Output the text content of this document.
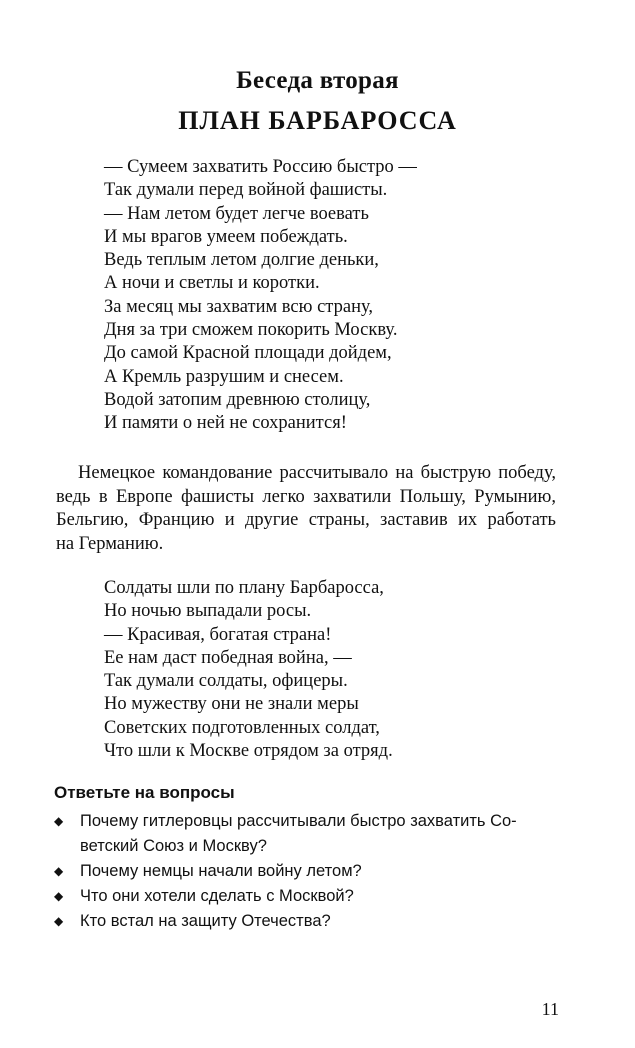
Беседа вторая
ПЛАН БАРБАРОССА
— Сумеем захватить Россию быстро —
Так думали перед войной фашисты.
— Нам летом будет легче воевать
И мы врагов умеем побеждать.
Ведь теплым летом долгие деньки,
А ночи и светлы и коротки.
За месяц мы захватим всю страну,
Дня за три сможем покорить Москву.
До самой Красной площади дойдем,
А Кремль разрушим и снесем.
Водой затопим древнюю столицу,
И памяти о ней не сохранится!
Немецкое командование рассчитывало на быструю победу,
ведь в Европе фашисты легко захватили Польшу, Румынию,
Бельгию, Францию и другие страны, заставив их работать
на Германию.
Солдаты шли по плану Барбаросса,
Но ночью выпадали росы.
— Красивая, богатая страна!
Ее нам даст победная война, —
Так думали солдаты, офицеры.
Но мужеству они не знали меры
Советских подготовленных солдат,
Что шли к Москве отрядом за отряд.
Ответьте на вопросы
◆ Почему гитлеровцы рассчитывали быстро захватить Со-
ветский Союз и Москву?
◆ Почему немцы начали войну летом?
◆ Что они хотели сделать с Москвой?
◆ Кто встал на защиту Отечества?
11
